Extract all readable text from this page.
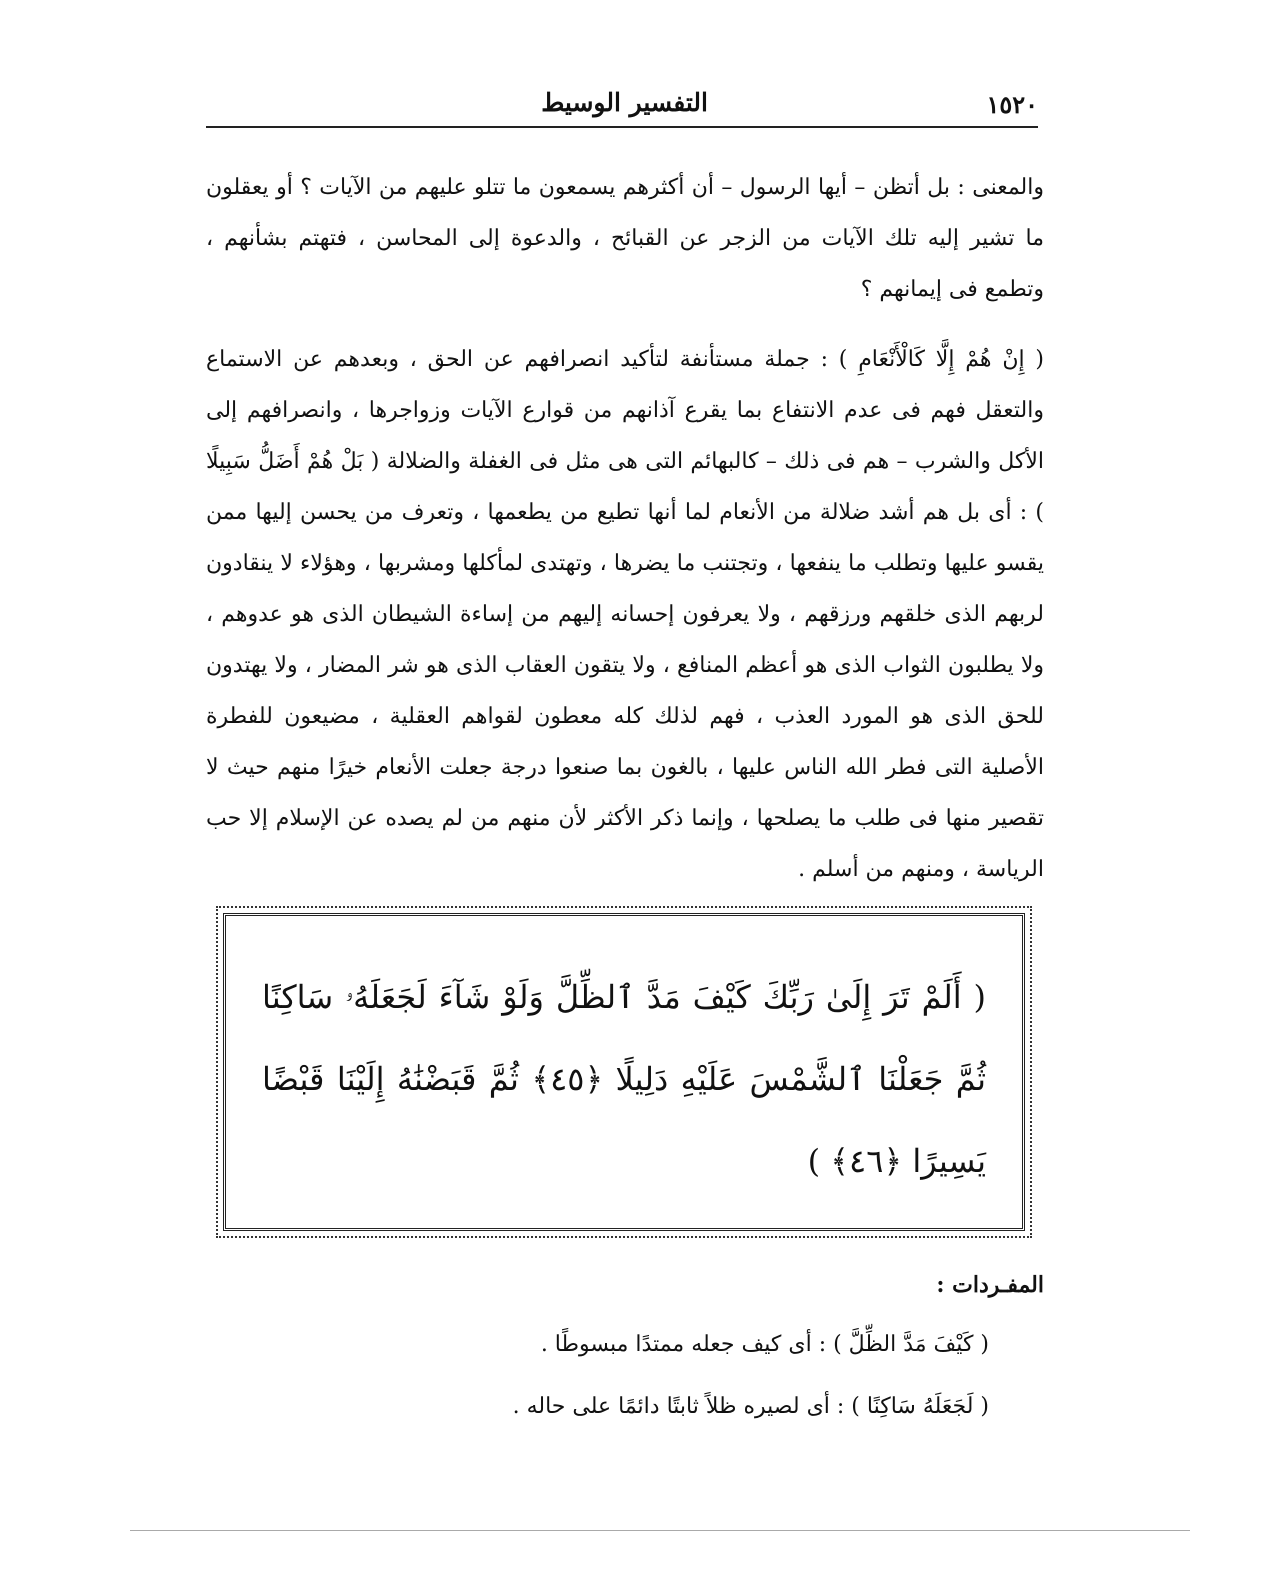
١٥٢٠
التفسير الوسيط

والمعنى : بل أتظن – أيها الرسول – أن أكثرهم يسمعون ما تتلو عليهم من الآيات ؟ أو يعقلون ما تشير إليه تلك الآيات من الزجر عن القبائح ، والدعوة إلى المحاسن ، فتهتم بشأنهم ، وتطمع فى إيمانهم ؟

( إِنْ هُمْ إِلَّا كَالْأَنْعَامِ ) : جملة مستأنفة لتأكيد انصرافهم عن الحق ، وبعدهم عن الاستماع والتعقل فهم فى عدم الانتفاع بما يقرع آذانهم من قوارع الآيات وزواجرها ، وانصرافهم إلى الأكل والشرب – هم فى ذلك – كالبهائم التى هى مثل فى الغفلة والضلالة ( بَلْ هُمْ أَضَلُّ سَبِيلًا ) : أى بل هم أشد ضلالة من الأنعام لما أنها تطيع من يطعمها ، وتعرف من يحسن إليها ممن يقسو عليها وتطلب ما ينفعها ، وتجتنب ما يضرها ، وتهتدى لمأكلها ومشربها ، وهؤلاء لا ينقادون لربهم الذى خلقهم ورزقهم ، ولا يعرفون إحسانه إليهم من إساءة الشيطان الذى هو عدوهم ، ولا يطلبون الثواب الذى هو أعظم المنافع ، ولا يتقون العقاب الذى هو شر المضار ، ولا يهتدون للحق الذى هو المورد العذب ، فهم لذلك كله معطون لقواهم العقلية ، مضيعون للفطرة الأصلية التى فطر الله الناس عليها ، بالغون بما صنعوا درجة جعلت الأنعام خيرًا منهم حيث لا تقصير منها فى طلب ما يصلحها ، وإنما ذكر الأكثر لأن منهم من لم يصده عن الإسلام إلا حب الرياسة ، ومنهم من أسلم .

( أَلَمْ تَرَ إِلَىٰ رَبِّكَ كَيْفَ مَدَّ ٱلظِّلَّ وَلَوْ شَآءَ لَجَعَلَهُۥ سَاكِنًا ثُمَّ جَعَلْنَا ٱلشَّمْسَ عَلَيْهِ دَلِيلًا ﴿٤٥﴾ ثُمَّ قَبَضْنَٰهُ إِلَيْنَا قَبْضًا يَسِيرًا ﴿٤٦﴾ )

المفـردات :
( كَيْفَ مَدَّ الظِّلَّ ) : أى كيف جعله ممتدًا مبسوطًا .
( لَجَعَلَهُ سَاكِنًا ) : أى لصيره ظلاً ثابتًا دائمًا على حاله .
